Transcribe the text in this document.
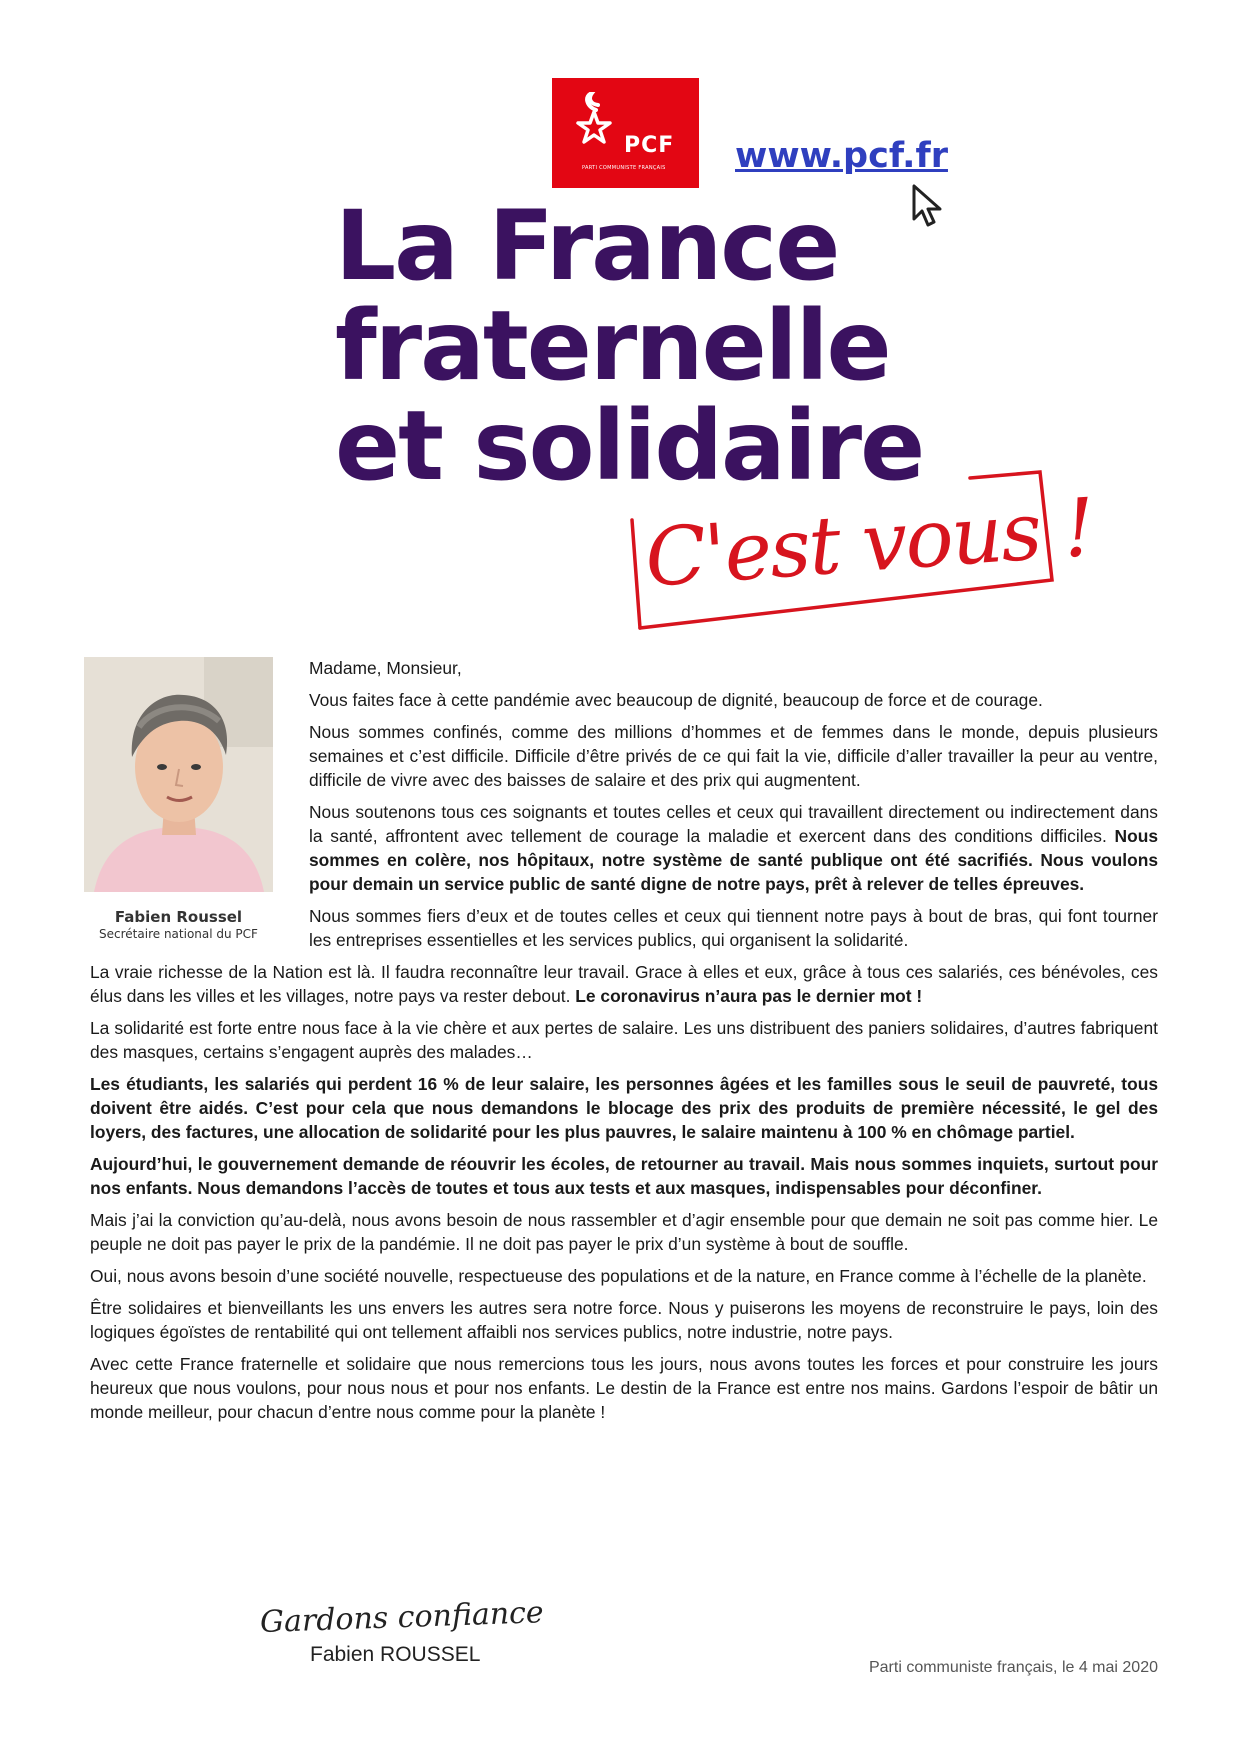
PCF
PARTI COMMUNISTE FRANÇAIS	www.pcf.fr
La France
fraternelle
et solidaire
C'est vous !
Fabien Roussel
Secrétaire national du PCF

Madame, Monsieur,

Vous faites face à cette pandémie avec beaucoup de dignité, beaucoup de force et de courage.

Nous sommes confinés, comme des millions d’hommes et de femmes dans le monde, depuis plusieurs semaines et c’est difficile. Difficile d’être privés de ce qui fait la vie, difficile d’aller travailler la peur au ventre, difficile de vivre avec des baisses de salaire et des prix qui augmentent.

Nous soutenons tous ces soignants et toutes celles et ceux qui travaillent directement ou indirectement dans la santé, affrontent avec tellement de courage la maladie et exercent dans des conditions difficiles. Nous sommes en colère, nos hôpitaux, notre système de santé publique ont été sacrifiés. Nous voulons pour demain un service public de santé digne de notre pays, prêt à relever de telles épreuves.

Nous sommes fiers d’eux et de toutes celles et ceux qui tiennent notre pays à bout de bras, qui font tourner les entreprises essentielles et les services publics, qui organisent la solidarité.

La vraie richesse de la Nation est là. Il faudra reconnaître leur travail. Grace à elles et eux, grâce à tous ces salariés, ces bénévoles, ces élus dans les villes et les villages, notre pays va rester debout. Le coronavirus n’aura pas le dernier mot !

La solidarité est forte entre nous face à la vie chère et aux pertes de salaire. Les uns distribuent des paniers solidaires, d’autres fabriquent des masques, certains s’engagent auprès des malades…

Les étudiants, les salariés qui perdent 16 % de leur salaire, les personnes âgées et les familles sous le seuil de pauvreté, tous doivent être aidés. C’est pour cela que nous demandons le blocage des prix des produits de première nécessité, le gel des loyers, des factures, une allocation de solidarité pour les plus pauvres, le salaire maintenu à 100 % en chômage partiel.

Aujourd’hui, le gouvernement demande de réouvrir les écoles, de retourner au travail. Mais nous sommes inquiets, surtout pour nos enfants. Nous demandons l’accès de toutes et tous aux tests et aux masques, indispensables pour déconfiner.

Mais j’ai la conviction qu’au-delà, nous avons besoin de nous rassembler et d’agir ensemble pour que demain ne soit pas comme hier. Le peuple ne doit pas payer le prix de la pandémie. Il ne doit pas payer le prix d’un système à bout de souffle.

Oui, nous avons besoin d’une société nouvelle, respectueuse des populations et de la nature, en France comme à l’échelle de la planète.

Être solidaires et bienveillants les uns envers les autres sera notre force. Nous y puiserons les moyens de reconstruire le pays, loin des logiques égoïstes de rentabilité qui ont tellement affaibli nos services publics, notre industrie, notre pays.

Avec cette France fraternelle et solidaire que nous remercions tous les jours, nous avons toutes les forces et pour construire les jours heureux que nous voulons, pour nous nous et pour nos enfants. Le destin de la France est entre nos mains. Gardons l’espoir de bâtir un monde meilleur, pour chacun d’entre nous comme pour la planète !

Gardons confiance
Fabien ROUSSEL
Parti communiste français, le 4 mai 2020
